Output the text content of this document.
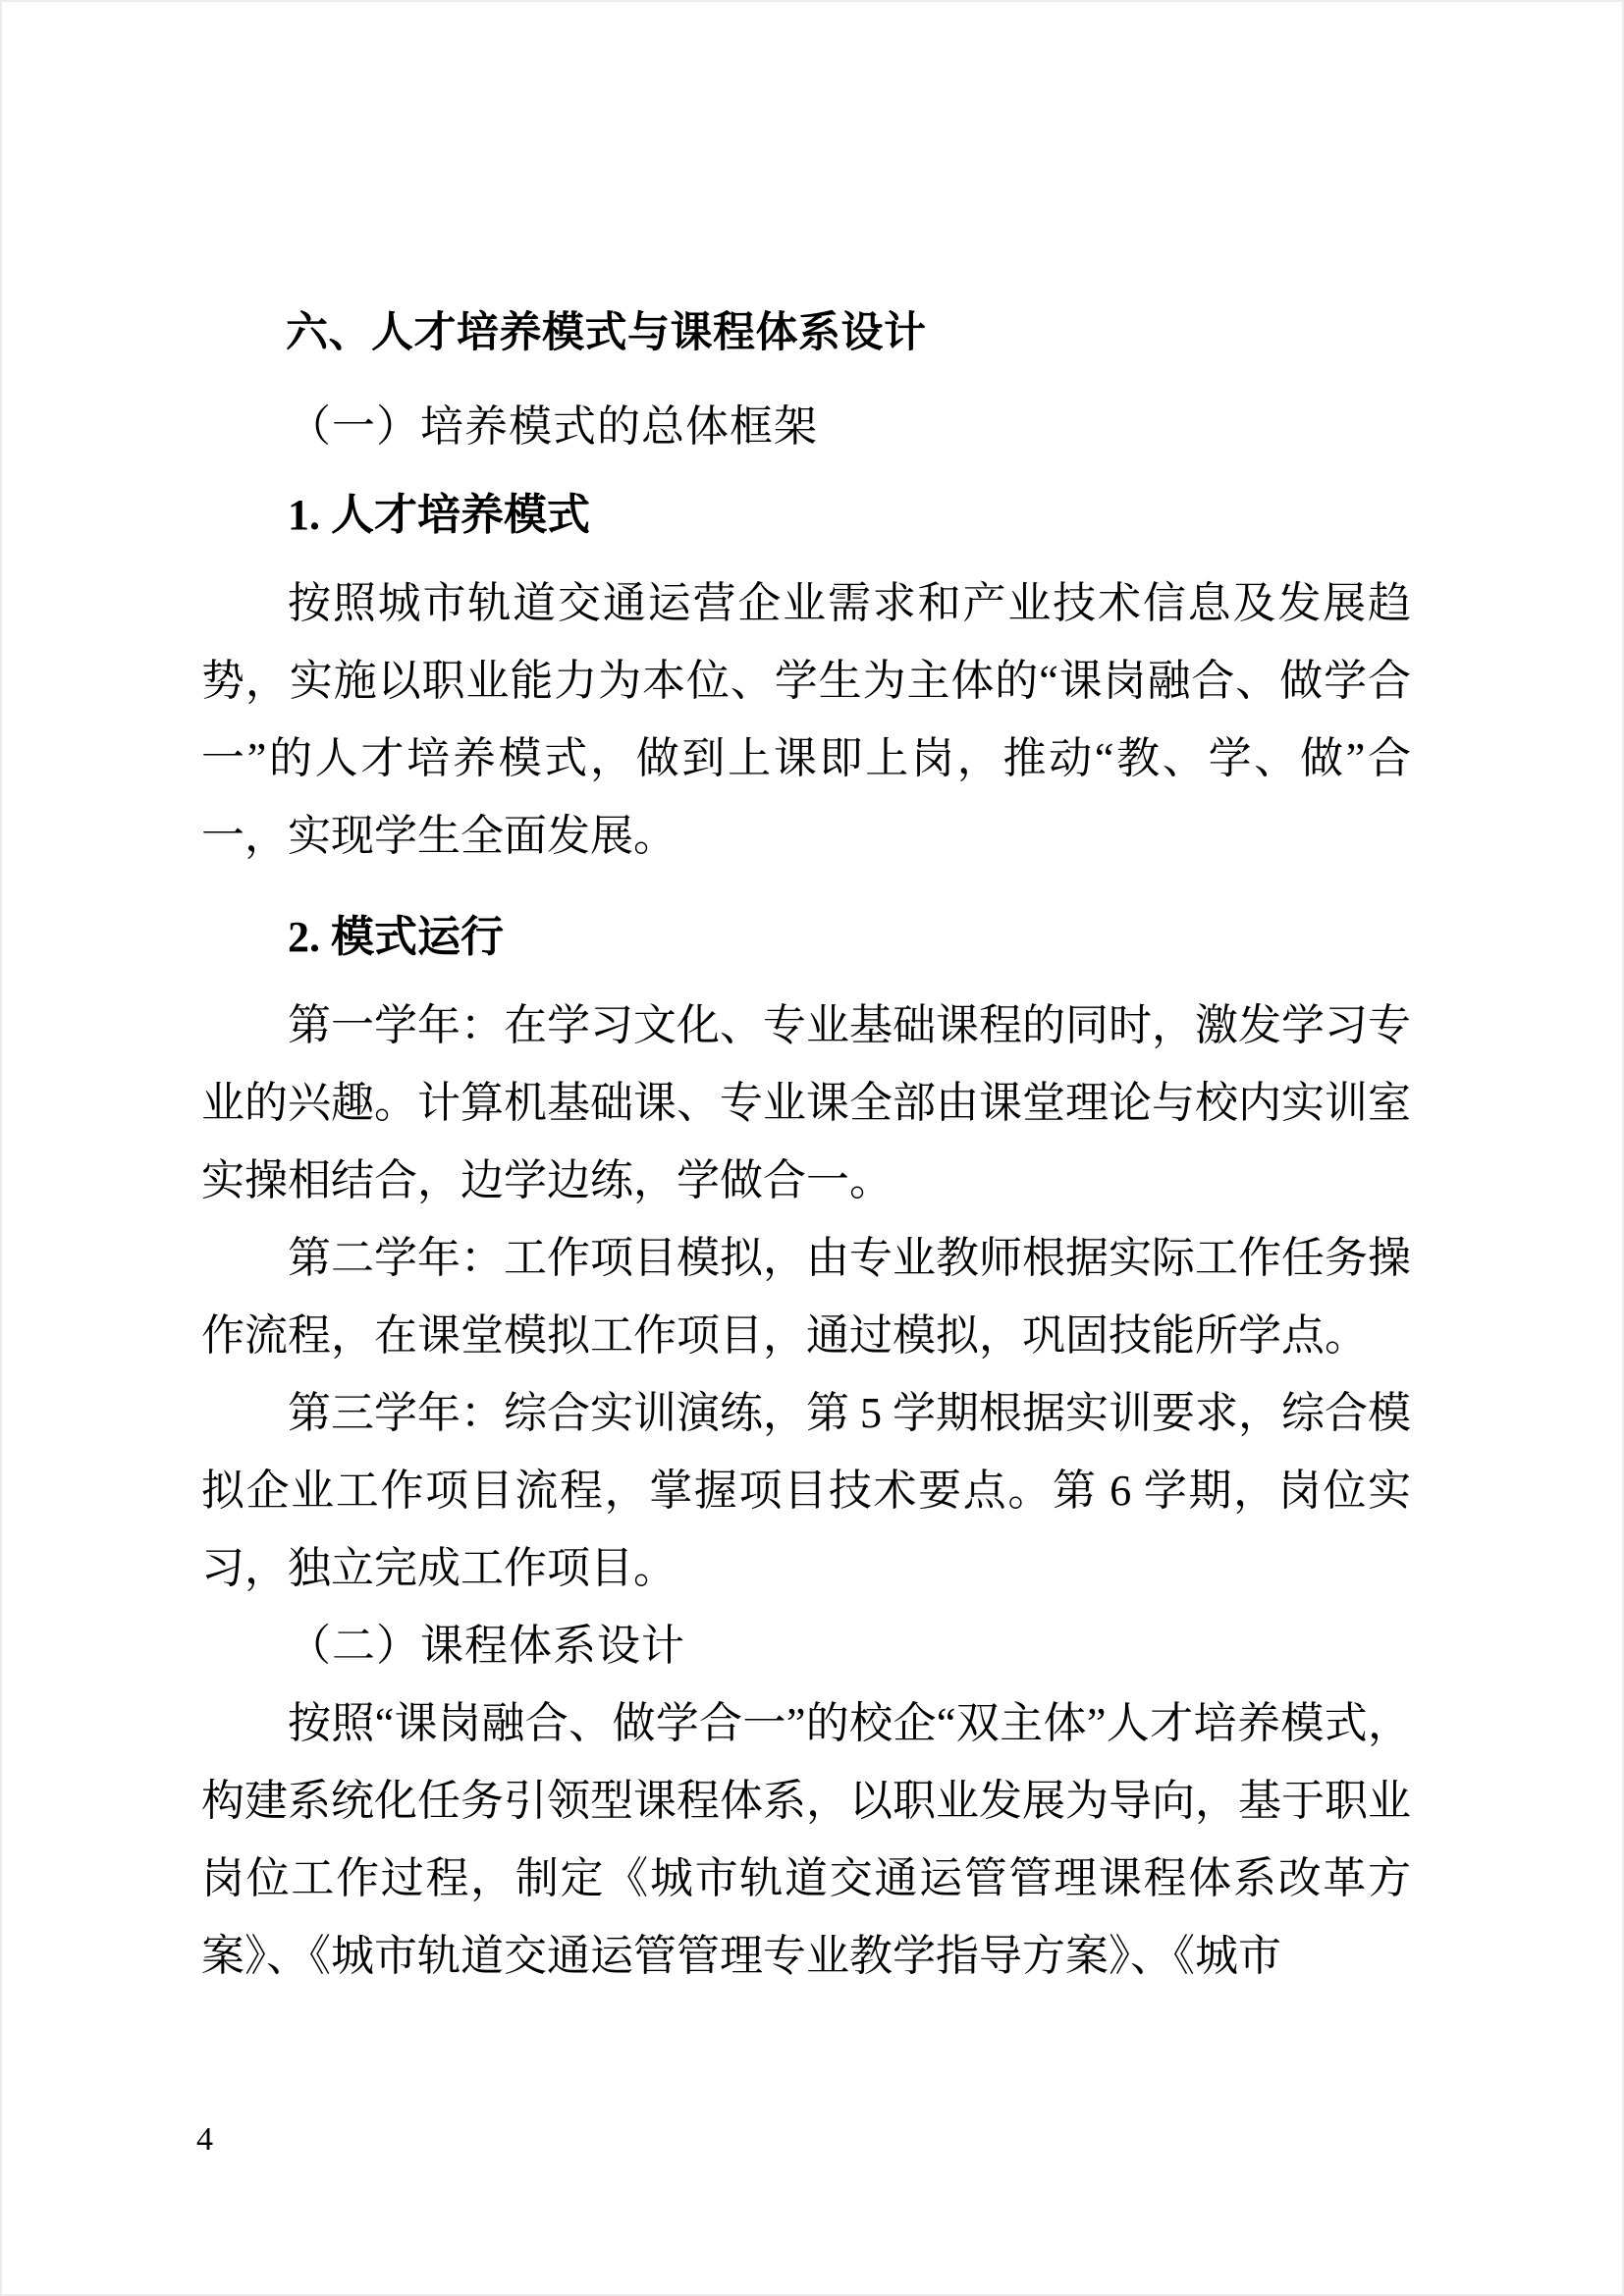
六、人才培养模式与课程体系设计
（一）培养模式的总体框架
1. 人才培养模式

按照城市轨道交通运营企业需求和产业技术信息及发展趋势，实施以职业能力为本位、学生为主体的“课岗融合、做学合一”的人才培养模式，做到上课即上岗，推动“教、学、做”合一，实现学生全面发展。

2. 模式运行

第一学年：在学习文化、专业基础课程的同时，激发学习专业的兴趣。计算机基础课、专业课全部由课堂理论与校内实训室实操相结合，边学边练，学做合一。

第二学年：工作项目模拟，由专业教师根据实际工作任务操作流程，在课堂模拟工作项目，通过模拟，巩固技能所学点。

第三学年：综合实训演练，第 5 学期根据实训要求，综合模拟企业工作项目流程，掌握项目技术要点。第 6 学期，岗位实习，独立完成工作项目。

（二）课程体系设计

按照“课岗融合、做学合一”的校企“双主体”人才培养模式，构建系统化任务引领型课程体系，以职业发展为导向，基于职业岗位工作过程，制定《城市轨道交通运管管理课程体系改革方案》、《城市轨道交通运管管理专业教学指导方案》、《城市

4
